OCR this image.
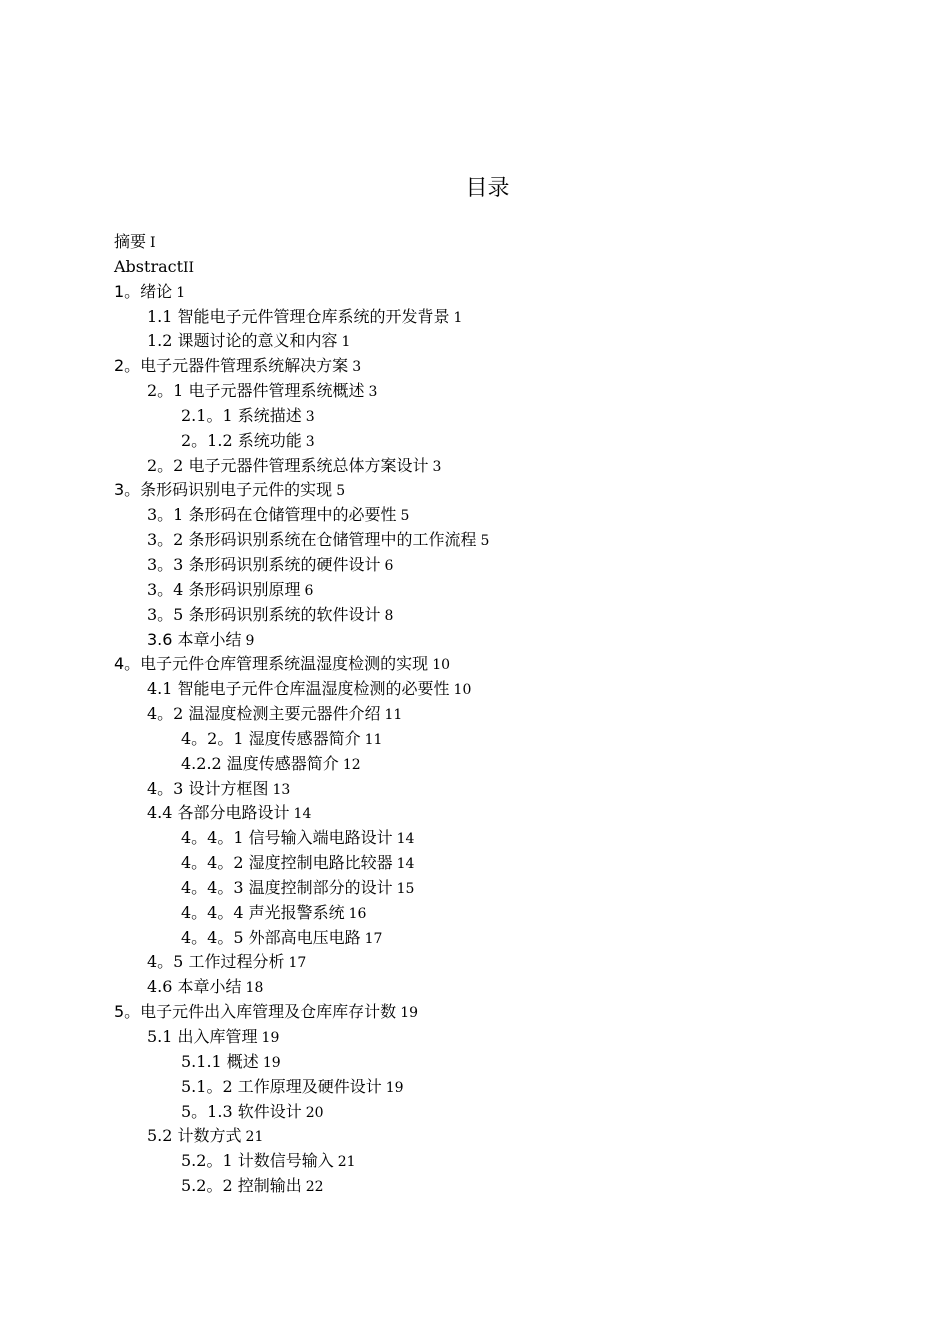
目录
摘要 I
AbstractII
1。绪论 1
1.1 智能电子元件管理仓库系统的开发背景 1
1.2 课题讨论的意义和内容 1
2。电子元器件管理系统解决方案 3
2。1 电子元器件管理系统概述 3
2.1。1 系统描述 3
2。1.2 系统功能 3
2。2 电子元器件管理系统总体方案设计 3
3。条形码识别电子元件的实现 5
3。1 条形码在仓储管理中的必要性 5
3。2 条形码识别系统在仓储管理中的工作流程 5
3。3 条形码识别系统的硬件设计 6
3。4 条形码识别原理 6
3。5 条形码识别系统的软件设计 8
3.6 本章小结 9
4。电子元件仓库管理系统温湿度检测的实现 10
4.1 智能电子元件仓库温湿度检测的必要性 10
4。2 温湿度检测主要元器件介绍 11
4。2。1 湿度传感器简介 11
4.2.2 温度传感器简介 12
4。3 设计方框图 13
4.4 各部分电路设计 14
4。4。1 信号输入端电路设计 14
4。4。2 湿度控制电路比较器 14
4。4。3 温度控制部分的设计 15
4。4。4 声光报警系统 16
4。4。5 外部高电压电路 17
4。5 工作过程分析 17
4.6 本章小结 18
5。电子元件出入库管理及仓库库存计数 19
5.1 出入库管理 19
5.1.1 概述 19
5.1。2 工作原理及硬件设计 19
5。1.3 软件设计 20
5.2 计数方式 21
5.2。1 计数信号输入 21
5.2。2 控制输出 22
